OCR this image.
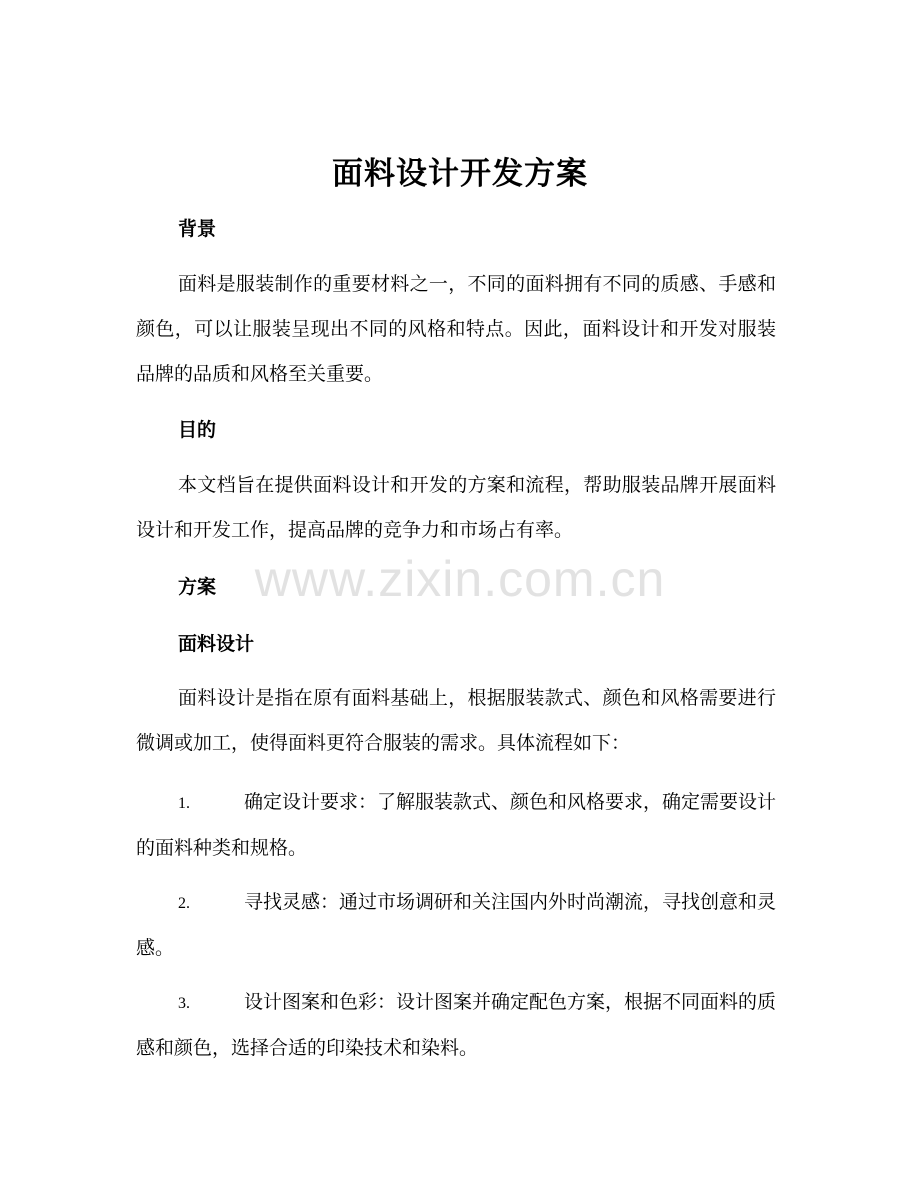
面料设计开发方案
背景
面料是服装制作的重要材料之一，不同的面料拥有不同的质感、手感和颜色，可以让服装呈现出不同的风格和特点。因此，面料设计和开发对服装品牌的品质和风格至关重要。
目的
本文档旨在提供面料设计和开发的方案和流程，帮助服装品牌开展面料设计和开发工作，提高品牌的竞争力和市场占有率。
方案
面料设计
面料设计是指在原有面料基础上，根据服装款式、颜色和风格需要进行微调或加工，使得面料更符合服装的需求。具体流程如下：
1.	确定设计要求：了解服装款式、颜色和风格要求，确定需要设计的面料种类和规格。
2.	寻找灵感：通过市场调研和关注国内外时尚潮流，寻找创意和灵感。
3.	设计图案和色彩：设计图案并确定配色方案，根据不同面料的质感和颜色，选择合适的印染技术和染料。
www.zixin.com.cn
